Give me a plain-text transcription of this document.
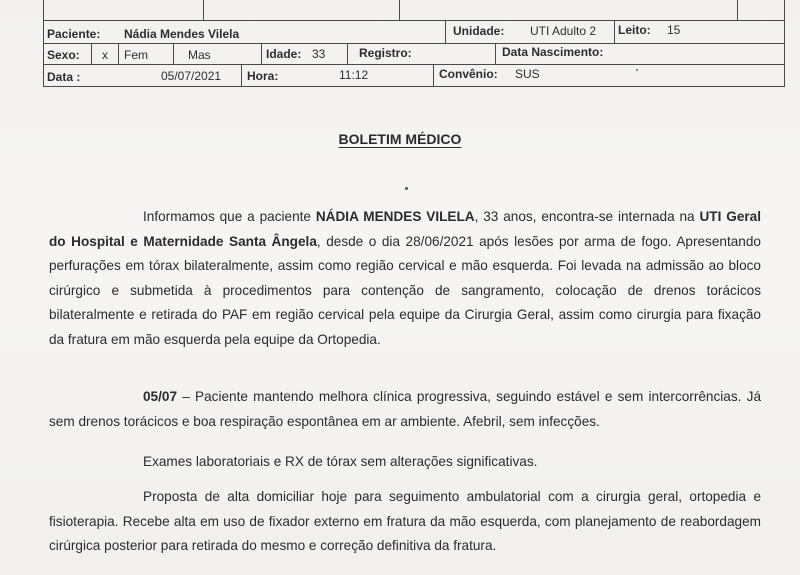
Paciente: Nádia Mendes Vilela	Unidade: UTI Adulto 2 Leito: 15
Sexo: x Fem	Mas	Idade: 33	Registro:	Data Nascimento:
Data :	05/07/2021 Hora:	11:12	Convênio: SUS
BOLETIM MÉDICO

Informamos que a paciente NÁDIA MENDES VILELA, 33 anos, encontra-se internada na UTI Geral do Hospital e Maternidade Santa Ângela, desde o dia 28/06/2021 após lesões por arma de fogo. Apresentando perfurações em tórax bilateralmente, assim como região cervical e mão esquerda. Foi levada na admissão ao bloco cirúrgico e submetida à procedimentos para contenção de sangramento, colocação de drenos torácicos bilateralmente e retirada do PAF em região cervical pela equipe da Cirurgia Geral, assim como cirurgia para fixação da fratura em mão esquerda pela equipe da Ortopedia.

05/07 – Paciente mantendo melhora clínica progressiva, seguindo estável e sem intercorrências. Já sem drenos torácicos e boa respiração espontânea em ar ambiente. Afebril, sem infecções.

Exames laboratoriais e RX de tórax sem alterações significativas.

Proposta de alta domiciliar hoje para seguimento ambulatorial com a cirurgia geral, ortopedia e fisioterapia. Recebe alta em uso de fixador externo em fratura da mão esquerda, com planejamento de reabordagem cirúrgica posterior para retirada do mesmo e correção definitiva da fratura.
